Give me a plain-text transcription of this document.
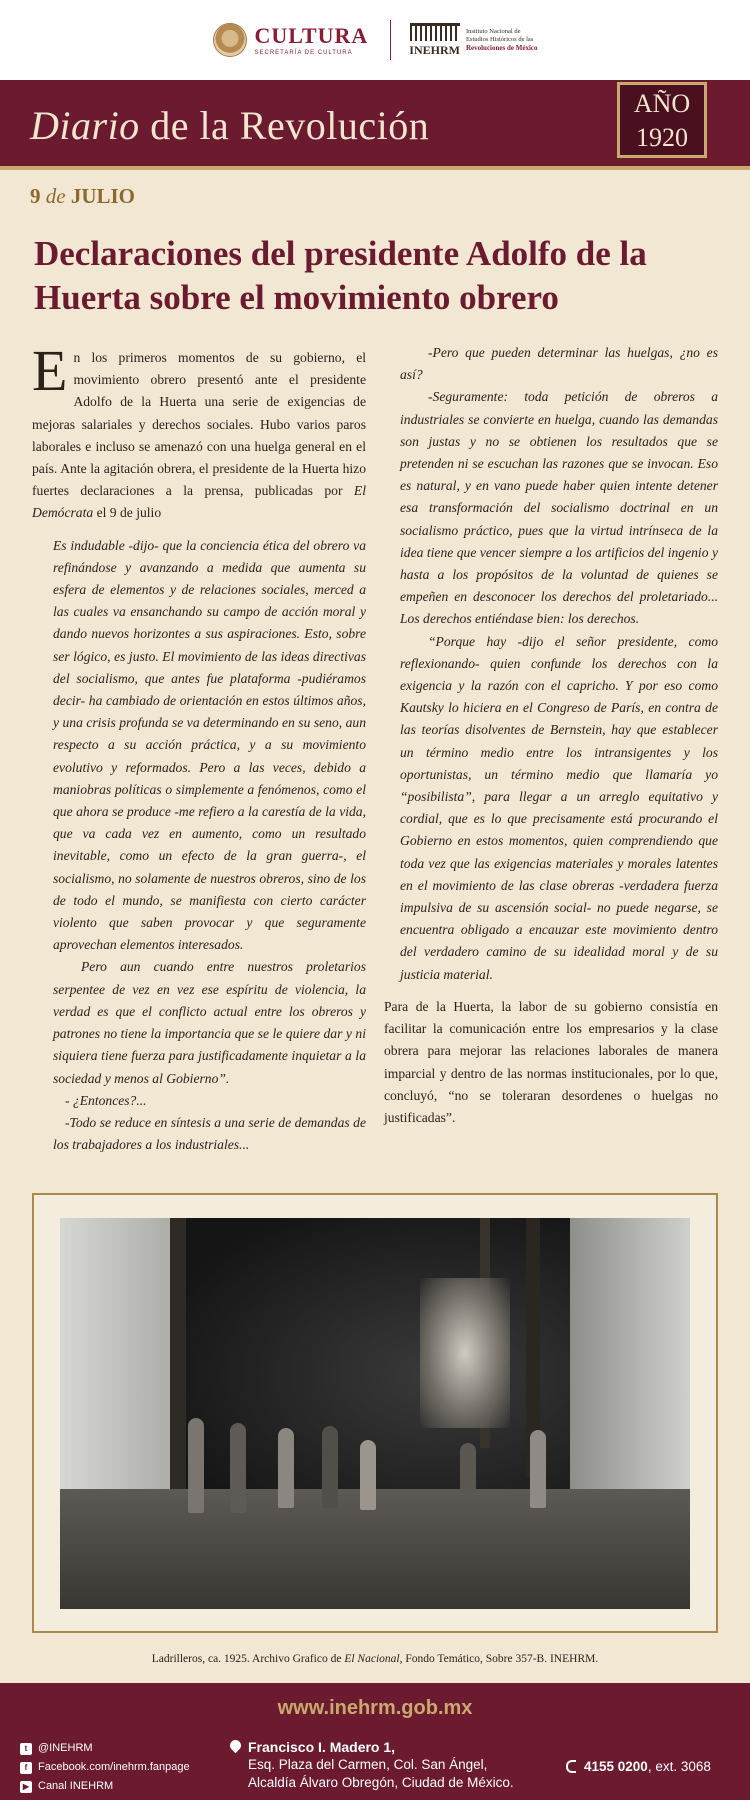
CULTURA
SECRETARÍA DE CULTURA	INEHRM
Instituto Nacional de
Estudios Históricos de las
Revoluciones de México
Diario de la Revolución	AÑO
1920
9 de JULIO
Declaraciones del presidente Adolfo de la Huerta sobre el movimiento obrero

En los primeros momentos de su gobierno, el movimiento obrero presentó ante el presidente Adolfo de la Huerta una serie de exigencias de mejoras salariales y derechos sociales. Hubo varios paros laborales e incluso se amenazó con una huelga general en el país. Ante la agitación obrera, el presidente de la Huerta hizo fuertes declaraciones a la prensa, publicadas por El Demócrata el 9 de julio

Es indudable -dijo- que la conciencia ética del obrero va refinándose y avanzando a medida que aumenta su esfera de elementos y de relaciones sociales, merced a las cuales va ensanchando su campo de acción moral y dando nuevos horizontes a sus aspiraciones. Esto, sobre ser lógico, es justo. El movimiento de las ideas directivas del socialismo, que antes fue plataforma -pudiéramos decir- ha cambiado de orientación en estos últimos años, y una crisis profunda se va determinando en su seno, aun respecto a su acción práctica, y a su movimiento evolutivo y reformados. Pero a las veces, debido a maniobras políticas o simplemente a fenómenos, como el que ahora se produce -me refiero a la carestía de la vida, que va cada vez en aumento, como un resultado inevitable, como un efecto de la gran guerra-, el socialismo, no solamente de nuestros obreros, sino de los de todo el mundo, se manifiesta con cierto carácter violento que saben provocar y que seguramente aprovechan elementos interesados.

Pero aun cuando entre nuestros proletarios serpentee de vez en vez ese espíritu de violencia, la verdad es que el conflicto actual entre los obreros y patrones no tiene la importancia que se le quiere dar y ni siquiera tiene fuerza para justificadamente inquietar a la sociedad y menos al Gobierno”.

- ¿Entonces?...

-Todo se reduce en síntesis a una serie de demandas de los trabajadores a los industriales...

-Pero que pueden determinar las huelgas, ¿no es así?

-Seguramente: toda petición de obreros a industriales se convierte en huelga, cuando las demandas son justas y no se obtienen los resultados que se pretenden ni se escuchan las razones que se invocan. Eso es natural, y en vano puede haber quien intente detener esa transformación del socialismo doctrinal en un socialismo práctico, pues que la virtud intrínseca de la idea tiene que vencer siempre a los artificios del ingenio y hasta a los propósitos de la voluntad de quienes se empeñen en desconocer los derechos del proletariado... Los derechos entiéndase bien: los derechos.

“Porque hay -dijo el señor presidente, como reflexionando- quien confunde los derechos con la exigencia y la razón con el capricho. Y por eso como Kautsky lo hiciera en el Congreso de París, en contra de las teorías disolventes de Bernstein, hay que establecer un término medio entre los intransigentes y los oportunistas, un término medio que llamaría yo “posibilista”, para llegar a un arreglo equitativo y cordial, que es lo que precisamente está procurando el Gobierno en estos momentos, quien comprendiendo que toda vez que las exigencias materiales y morales latentes en el movimiento de las clase obreras -verdadera fuerza impulsiva de su ascensión social- no puede negarse, se encuentra obligado a encauzar este movimiento dentro del verdadero camino de su idealidad moral y de su justicia material.

Para de la Huerta, la labor de su gobierno consistía en facilitar la comunicación entre los empresarios y la clase obrera para mejorar las relaciones laborales de manera imparcial y dentro de las normas institucionales, por lo que, concluyó, “no se toleraran desordenes o huelgas no justificadas”.

Ladrilleros, ca. 1925. Archivo Grafico de El Nacional, Fondo Temático, Sobre 357-B. INEHRM.
www.inehrm.gob.mx
t @INEHRM
f Facebook.com/inehrm.fanpage
▶ Canal INEHRM
Francisco I. Madero 1,
Esq. Plaza del Carmen, Col. San Ángel,
Alcaldía Álvaro Obregón, Ciudad de México.
4155 0200, ext. 3068
